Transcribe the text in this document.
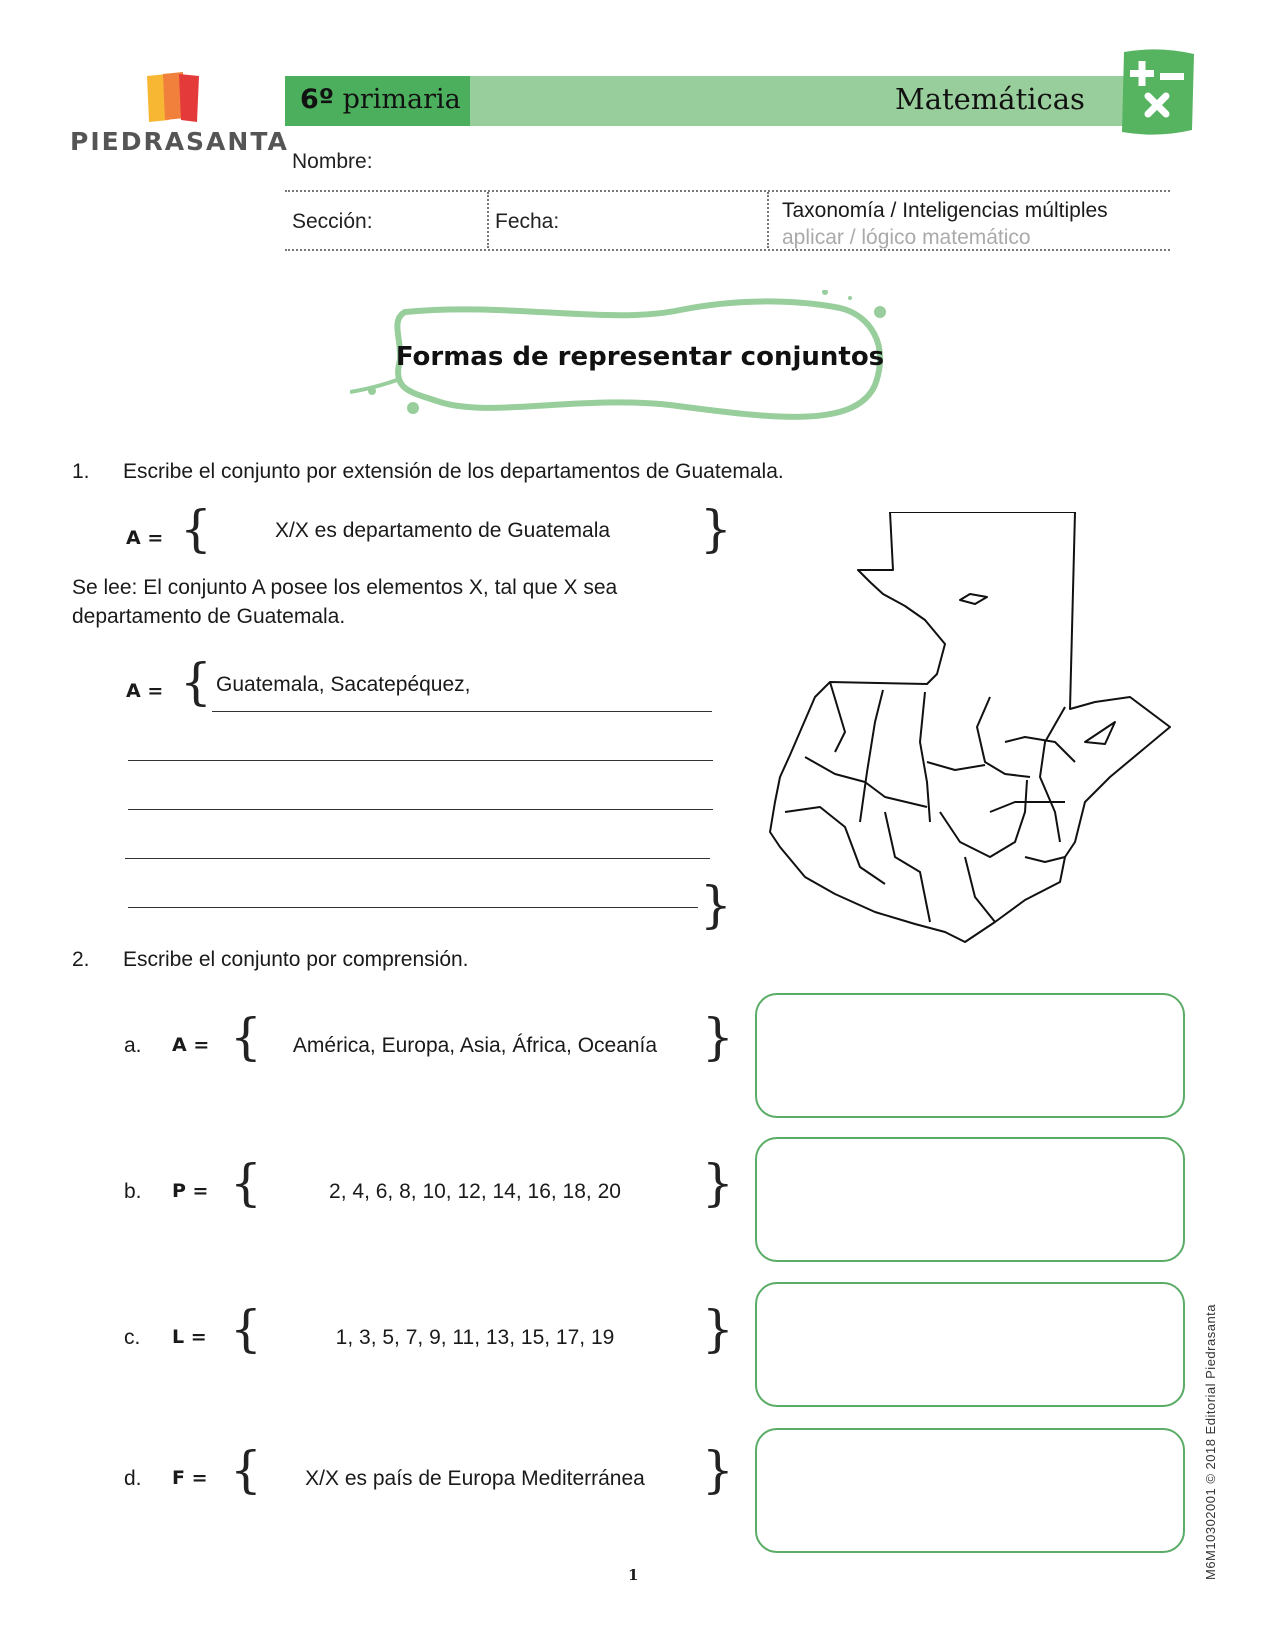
PIEDRASANTA
6º primaria	Matemáticas
Nombre:
Sección:	Fecha:	Taxonomía / Inteligencias múltiples
aplicar / lógico matemático
Formas de representar conjuntos
1. Escribe el conjunto por extensión de los departamentos de Guatemala.
A = {	X/X es departamento de Guatemala }
Se lee: El conjunto A posee los elementos X, tal que X sea
departamento de Guatemala.
A = { Guatemala, Sacatepéquez,
}
2. Escribe el conjunto por comprensión.
a. A = {	América, Europa, Asia, África, Oceanía }
b. P = {	2, 4, 6, 8, 10, 12, 14, 16, 18, 20	}
c. L = {	1, 3, 5, 7, 9, 11, 13, 15, 17, 19	}
d. F = {	X/X es país de Europa Mediterránea	}	M6M10302001 © 2018 Editorial Piedrasanta
1
